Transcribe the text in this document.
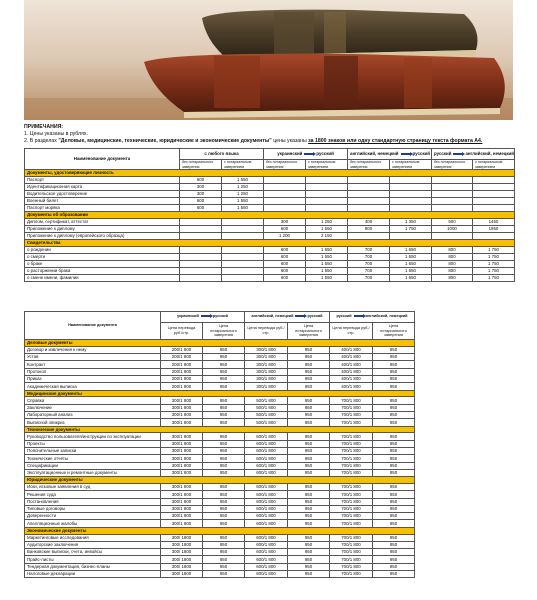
ПРИМЕЧАНИЯ:
1. Цены указаны в рублях.
2. В разделах "Деловые, медицинские, технические, юридические и экономические документы" цены указаны за 1800 знаков или одну стандартную страницу текста формата А4.
Наименование документа	с любого языка		украинский русский		английский, немецкий русский		русский английский, немецкий	
	без нотариального заверения	с нотариальным заверением	без нотариального заверения	с нотариальным заверением	без нотариального заверения	с нотариальным заверением	без нотариального заверения	с нотариальным заверением
Документы, удостоверяющие личность								
Паспорт	600	1 550						
Идентификационная карта	300	1 250						
Водительское удостоверение	300	1 250						
Военный билет	600	1 550						
Паспорт моряка	600	1 550						
Документы об образовании								
Диплом, сертификат, аттестат			300	1 250	400	1 350	500	1450
Приложение к диплому			600	1 550	800	1 750	1000	1950
Приложение к диплому (европейского образца)			1 200	2 150				
Свидетельства								
о рождении			600	1 550	700	1 650	800	1 750
о смерти			600	1 550	700	1 650	800	1 750
о браке			600	1 550	700	1 650	800	1 750
о расторжении брака			600	1 550	700	1 650	800	1 750
о смене имени, фамилии			600	1 550	700	1 650	800	1 750
Наименование документа	украинский русский		английский, немецкий русский		русский английский, немецкий	
	Цена перевода руб./стр.	Цена нотариального заверения	Цена перевода руб./стр.	Цена нотариального заверения	Цена перевода руб./стр.	Цена нотариального заверения
Деловые документы						
Договор и извлечения к нему	200/1 800	950	300/1 800	950	400/1 800	950
Устав	200/1 800	950	300/1 800	950	400/1 800	950
Контракт	200/1 800	950	300/1 800	950	400/1 800	950
Протокол	200/1 800	950	300/1 800	950	400/1 800	950
Приказ	200/1 800	950	300/1 800	950	400/1 800	950
Академическая выписка	200/1 800	950	300/1 800	950	400/1 800	950
Медицинские документы						
Справка	300/1 800	950	500/1 800	950	700/1 800	950
Заключение	300/1 800	950	500/1 800	950	700/1 800	950
Лабораторный анализ	300/1 800	950	500/1 800	950	700/1 800	950
Выписной эпикриз	300/1 800	950	500/1 800	950	700/1 800	950
Технические документы						
Руководство пользователя/инструкции по эксплуатации	300/1 800	950	600/1 800	950	700/1 800	950
Проекты	300/1 800	950	600/1 800	950	700/1 800	950
Пояснительные записки	300/1 800	950	600/1 800	950	700/1 800	950
Технические отчёты	300/1 800	950	600/1 800	950	700/1 800	950
Спецификации	300/1 800	950	600/1 800	950	700/1 800	950
Эксплуатационные и ремонтные документы	300/1 800	950	600/1 800	950	700/1 800	950
Юридические документы						
Иски, исковые заявления в суд	300/1 800	950	600/1 800	950	700/1 800	950
Решения суда	300/1 800	950	600/1 800	950	700/1 800	950
Постановления	300/1 800	950	600/1 800	950	700/1 800	950
Типовые договоры	300/1 800	950	600/1 800	950	700/1 800	950
Доверенности	300/1 800	950	600/1 800	950	700/1 800	950
Апелляционные жалобы	300/1 800	950	600/1 800	950	700/1 800	950
Экономические документы						
Маркетинговые исследования	300/ 1800	950	600/1 800	950	700/1 800	950
Аудиторские заключения	300/ 1800	950	600/1 800	950	700/1 800	950
Банковские выписки, счета, инвойсы	300/ 1800	950	600/1 800	950	700/1 800	950
Прайс-листы	300/ 1800	950	600/1 800	950	700/1 800	950
Тендерная документация, бизнес-планы	300/ 1800	950	600/1 800	950	700/1 800	950
Налоговые декларации	300/ 1800	950	600/1 800	950	700/1 800	950
